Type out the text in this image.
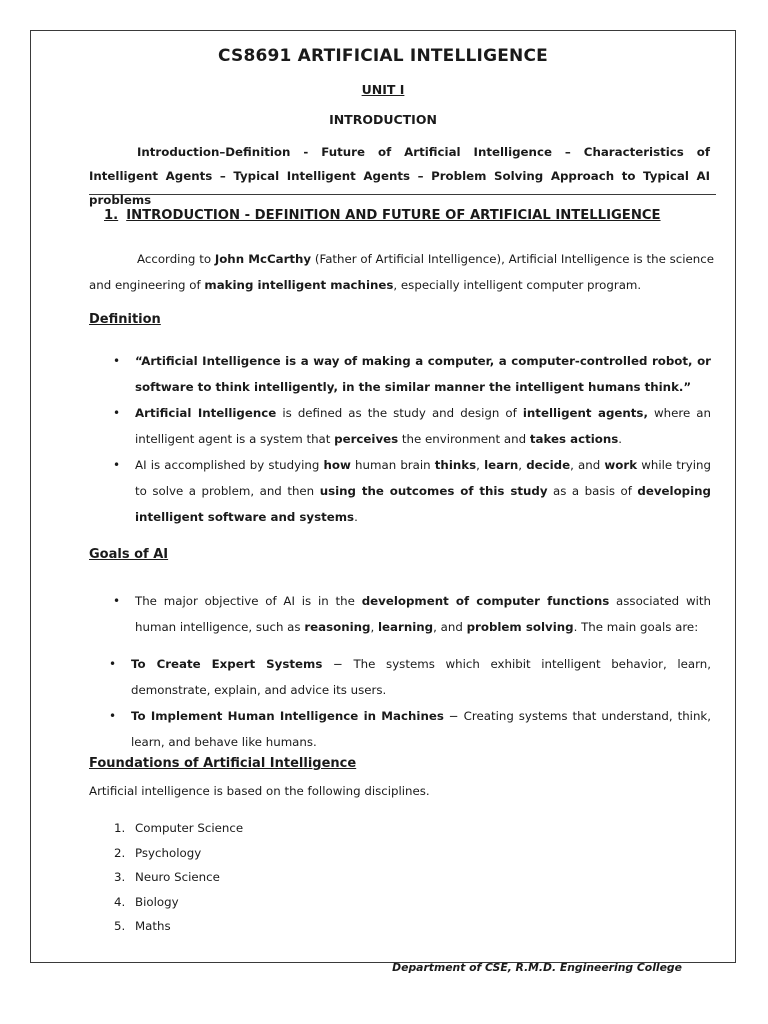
CS8691 ARTIFICIAL INTELLIGENCE
UNIT I
INTRODUCTION
Introduction–Definition - Future of Artificial Intelligence – Characteristics of Intelligent Agents – Typical Intelligent Agents – Problem Solving Approach to Typical AI problems
1. INTRODUCTION - DEFINITION AND FUTURE OF ARTIFICIAL INTELLIGENCE
According to John McCarthy (Father of Artificial Intelligence), Artificial Intelligence is the science and engineering of making intelligent machines, especially intelligent computer program.
Definition
• “Artificial Intelligence is a way of making a computer, a computer-controlled robot, or software to think intelligently, in the similar manner the intelligent humans think.”
• Artificial Intelligence is defined as the study and design of intelligent agents, where an intelligent agent is a system that perceives the environment and takes actions.
• AI is accomplished by studying how human brain thinks, learn, decide, and work while trying to solve a problem, and then using the outcomes of this study as a basis of developing intelligent software and systems.
Goals of AI
• The major objective of AI is in the development of computer functions associated with human intelligence, such as reasoning, learning, and problem solving. The main goals are:
• To Create Expert Systems − The systems which exhibit intelligent behavior, learn, demonstrate, explain, and advice its users.
• To Implement Human Intelligence in Machines − Creating systems that understand, think, learn, and behave like humans.
Foundations of Artificial Intelligence
Artificial intelligence is based on the following disciplines.
1. Computer Science
2. Psychology
3. Neuro Science
4. Biology
5. Maths
Department of CSE, R.M.D. Engineering College
